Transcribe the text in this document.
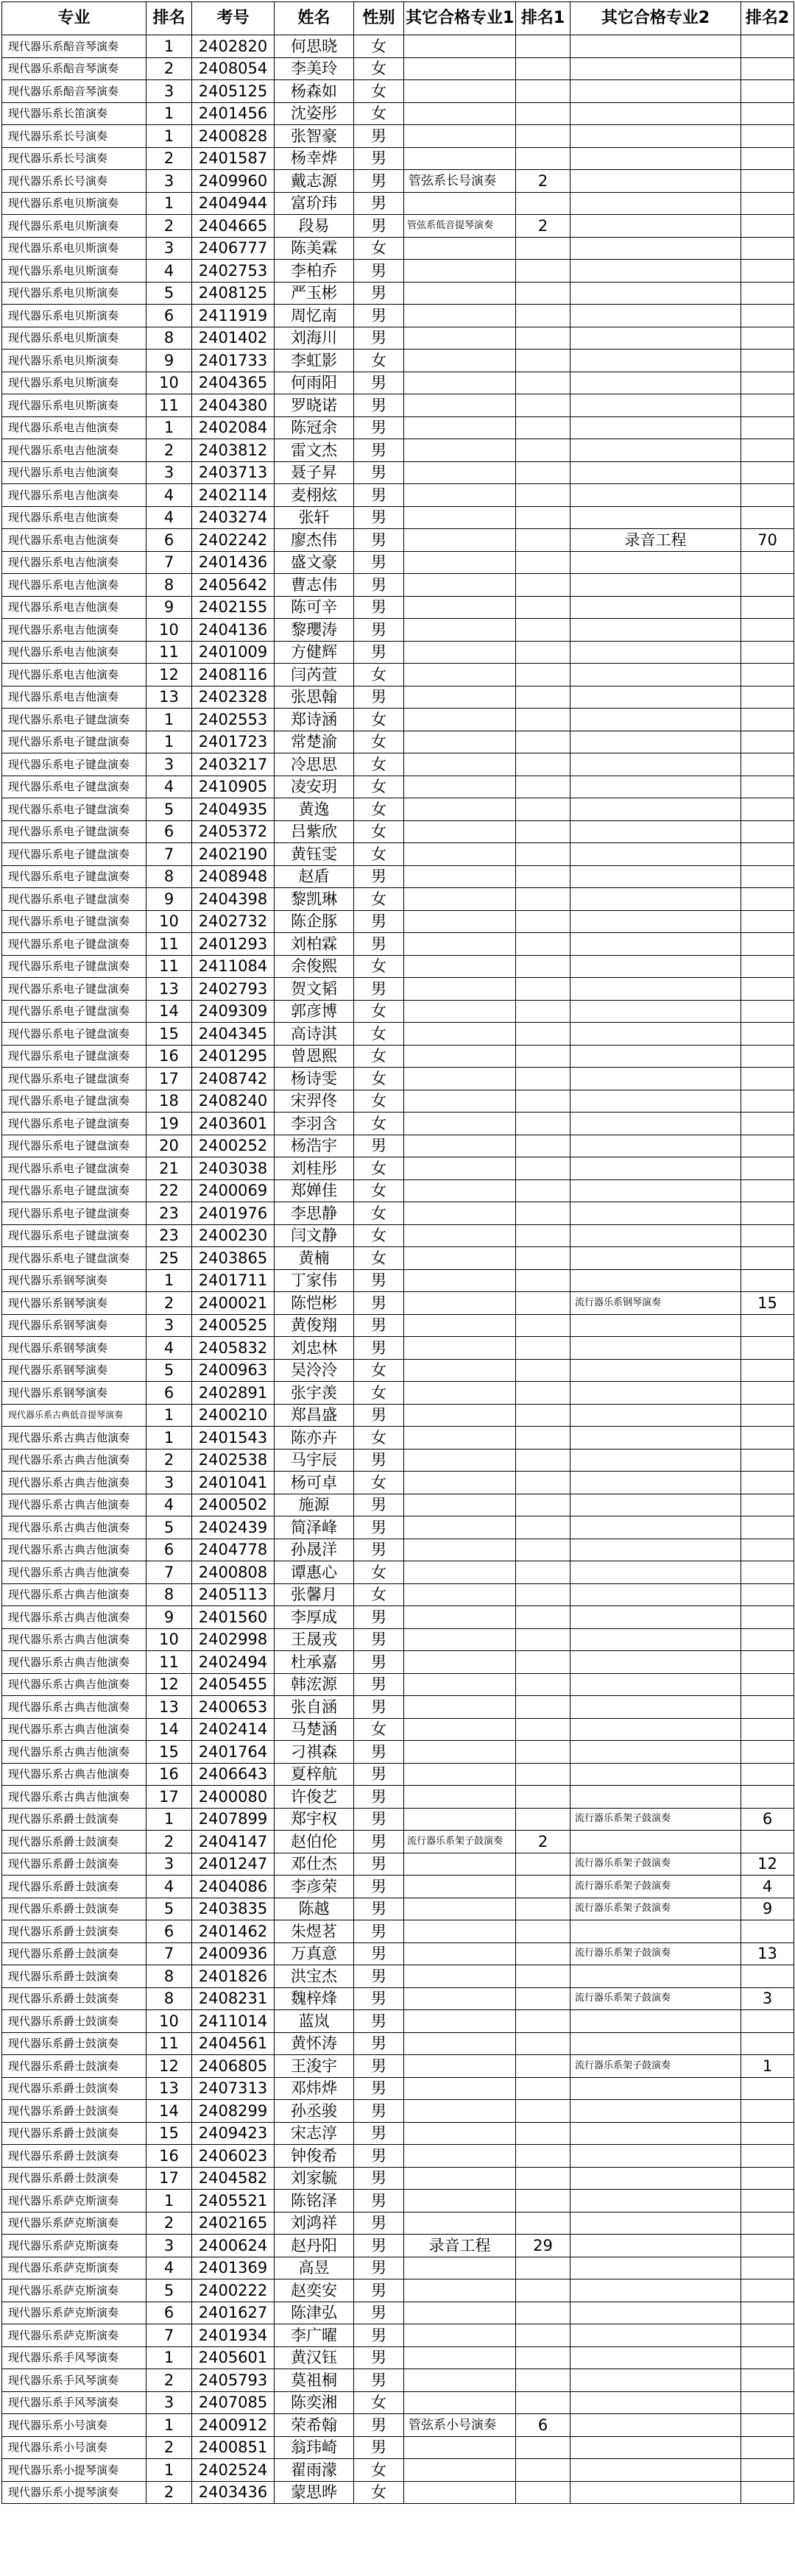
专业	排名	考号	姓名	性别	其它合格专业1	排名1	其它合格专业2	排名2
现代器乐系醅音琴演奏	1	2402820	何思晓	女				
现代器乐系醅音琴演奏	2	2408054	李美玲	女				
现代器乐系醅音琴演奏	3	2405125	杨森如	女				
现代器乐系长笛演奏	1	2401456	沈姿彤	女				
现代器乐系长号演奏	1	2400828	张智豪	男				
现代器乐系长号演奏	2	2401587	杨幸烨	男				
现代器乐系长号演奏	3	2409960	戴志源	男	管弦系长号演奏	2		
现代器乐系电贝斯演奏	1	2404944	富玠玮	男				
现代器乐系电贝斯演奏	2	2404665	段易	男	管弦系低音提琴演奏	2		
现代器乐系电贝斯演奏	3	2406777	陈美霖	女				
现代器乐系电贝斯演奏	4	2402753	李柏乔	男				
现代器乐系电贝斯演奏	5	2408125	严玉彬	男				
现代器乐系电贝斯演奏	6	2411919	周忆南	男				
现代器乐系电贝斯演奏	8	2401402	刘海川	男				
现代器乐系电贝斯演奏	9	2401733	李虹影	女				
现代器乐系电贝斯演奏	10	2404365	何雨阳	男				
现代器乐系电贝斯演奏	11	2404380	罗晓诺	男				
现代器乐系电吉他演奏	1	2402084	陈冠余	男				
现代器乐系电吉他演奏	2	2403812	雷文杰	男				
现代器乐系电吉他演奏	3	2403713	聂子昇	男				
现代器乐系电吉他演奏	4	2402114	麦栩炫	男				
现代器乐系电吉他演奏	4	2403274	张轩	男				
现代器乐系电吉他演奏	6	2402242	廖杰伟	男			录音工程	70
现代器乐系电吉他演奏	7	2401436	盛文豪	男				
现代器乐系电吉他演奏	8	2405642	曹志伟	男				
现代器乐系电吉他演奏	9	2402155	陈可辛	男				
现代器乐系电吉他演奏	10	2404136	黎瓔涛	男				
现代器乐系电吉他演奏	11	2401009	方健辉	男				
现代器乐系电吉他演奏	12	2408116	闫芮萱	女				
现代器乐系电吉他演奏	13	2402328	张思翰	男				
现代器乐系电子键盘演奏	1	2402553	郑诗涵	女				
现代器乐系电子键盘演奏	1	2401723	常楚渝	女				
现代器乐系电子键盘演奏	3	2403217	冷思思	女				
现代器乐系电子键盘演奏	4	2410905	凌安玥	女				
现代器乐系电子键盘演奏	5	2404935	黄逸	女				
现代器乐系电子键盘演奏	6	2405372	吕紫欣	女				
现代器乐系电子键盘演奏	7	2402190	黄钰雯	女				
现代器乐系电子键盘演奏	8	2408948	赵盾	男				
现代器乐系电子键盘演奏	9	2404398	黎凯琳	女				
现代器乐系电子键盘演奏	10	2402732	陈企豚	男				
现代器乐系电子键盘演奏	11	2401293	刘柏霖	男				
现代器乐系电子键盘演奏	11	2411084	余俊熙	女				
现代器乐系电子键盘演奏	13	2402793	贺文韬	男				
现代器乐系电子键盘演奏	14	2409309	郭彦博	女				
现代器乐系电子键盘演奏	15	2404345	高诗淇	女				
现代器乐系电子键盘演奏	16	2401295	曾恩熙	女				
现代器乐系电子键盘演奏	17	2408742	杨诗雯	女				
现代器乐系电子键盘演奏	18	2408240	宋羿佟	女				
现代器乐系电子键盘演奏	19	2403601	李羽含	女				
现代器乐系电子键盘演奏	20	2400252	杨浩宇	男				
现代器乐系电子键盘演奏	21	2403038	刘桂彤	女				
现代器乐系电子键盘演奏	22	2400069	郑婵佳	女				
现代器乐系电子键盘演奏	23	2401976	李思静	女				
现代器乐系电子键盘演奏	23	2400230	闫文静	女				
现代器乐系电子键盘演奏	25	2403865	黄楠	女				
现代器乐系钢琴演奏	1	2401711	丁家伟	男				
现代器乐系钢琴演奏	2	2400021	陈恺彬	男			流行器乐系钢琴演奏	15
现代器乐系钢琴演奏	3	2400525	黄俊翔	男				
现代器乐系钢琴演奏	4	2405832	刘忠林	男				
现代器乐系钢琴演奏	5	2400963	吴泠泠	女				
现代器乐系钢琴演奏	6	2402891	张宇羡	女				
现代器乐系古典低音提琴演奏	1	2400210	郑昌盛	男				
现代器乐系古典吉他演奏	1	2401543	陈亦卉	女				
现代器乐系古典吉他演奏	2	2402538	马宇辰	男				
现代器乐系古典吉他演奏	3	2401041	杨可卓	女				
现代器乐系古典吉他演奏	4	2400502	施源	男				
现代器乐系古典吉他演奏	5	2402439	简泽峰	男				
现代器乐系古典吉他演奏	6	2404778	孙晟洋	男				
现代器乐系古典吉他演奏	7	2400808	谭惠心	女				
现代器乐系古典吉他演奏	8	2405113	张馨月	女				
现代器乐系古典吉他演奏	9	2401560	李厚成	男				
现代器乐系古典吉他演奏	10	2402998	王晟戎	男				
现代器乐系古典吉他演奏	11	2402494	杜承嘉	男				
现代器乐系古典吉他演奏	12	2405455	韩浤源	男				
现代器乐系古典吉他演奏	13	2400653	张自涵	男				
现代器乐系古典吉他演奏	14	2402414	马楚涵	女				
现代器乐系古典吉他演奏	15	2401764	刁祺森	男				
现代器乐系古典吉他演奏	16	2406643	夏梓航	男				
现代器乐系古典吉他演奏	17	2400080	许俊艺	男				
现代器乐系爵士鼓演奏	1	2407899	郑宇权	男			流行器乐系架子鼓演奏	6
现代器乐系爵士鼓演奏	2	2404147	赵伯伦	男	流行器乐系架子鼓演奏	2		
现代器乐系爵士鼓演奏	3	2401247	邓仕杰	男			流行器乐系架子鼓演奏	12
现代器乐系爵士鼓演奏	4	2404086	李彦荣	男			流行器乐系架子鼓演奏	4
现代器乐系爵士鼓演奏	5	2403835	陈越	男			流行器乐系架子鼓演奏	9
现代器乐系爵士鼓演奏	6	2401462	朱煜茗	男				
现代器乐系爵士鼓演奏	7	2400936	万真意	男			流行器乐系架子鼓演奏	13
现代器乐系爵士鼓演奏	8	2401826	洪宝杰	男				
现代器乐系爵士鼓演奏	8	2408231	魏梓烽	男			流行器乐系架子鼓演奏	3
现代器乐系爵士鼓演奏	10	2411014	蓝岚	男				
现代器乐系爵士鼓演奏	11	2404561	黄怀涛	男				
现代器乐系爵士鼓演奏	12	2406805	王浚宇	男			流行器乐系架子鼓演奏	1
现代器乐系爵士鼓演奏	13	2407313	邓炜烨	男				
现代器乐系爵士鼓演奏	14	2408299	孙丞骏	男				
现代器乐系爵士鼓演奏	15	2409423	宋志淳	男				
现代器乐系爵士鼓演奏	16	2406023	钟俊希	男				
现代器乐系爵士鼓演奏	17	2404582	刘家毓	男				
现代器乐系萨克斯演奏	1	2405521	陈铭泽	男				
现代器乐系萨克斯演奏	2	2402165	刘鸿祥	男				
现代器乐系萨克斯演奏	3	2400624	赵丹阳	男	录音工程	29		
现代器乐系萨克斯演奏	4	2401369	高昱	男				
现代器乐系萨克斯演奏	5	2400222	赵奕安	男				
现代器乐系萨克斯演奏	6	2401627	陈津弘	男				
现代器乐系萨克斯演奏	7	2401934	李广曜	男				
现代器乐系手风琴演奏	1	2405601	黄汉钰	男				
现代器乐系手风琴演奏	2	2405793	莫祖桐	男				
现代器乐系手风琴演奏	3	2407085	陈奕湘	女				
现代器乐系小号演奏	1	2400912	荣希翰	男	管弦系小号演奏	6		
现代器乐系小号演奏	2	2400851	翁玮崎	男				
现代器乐系小提琴演奏	1	2402524	翟雨濛	女				
现代器乐系小提琴演奏	2	2403436	蒙思晔	女				
